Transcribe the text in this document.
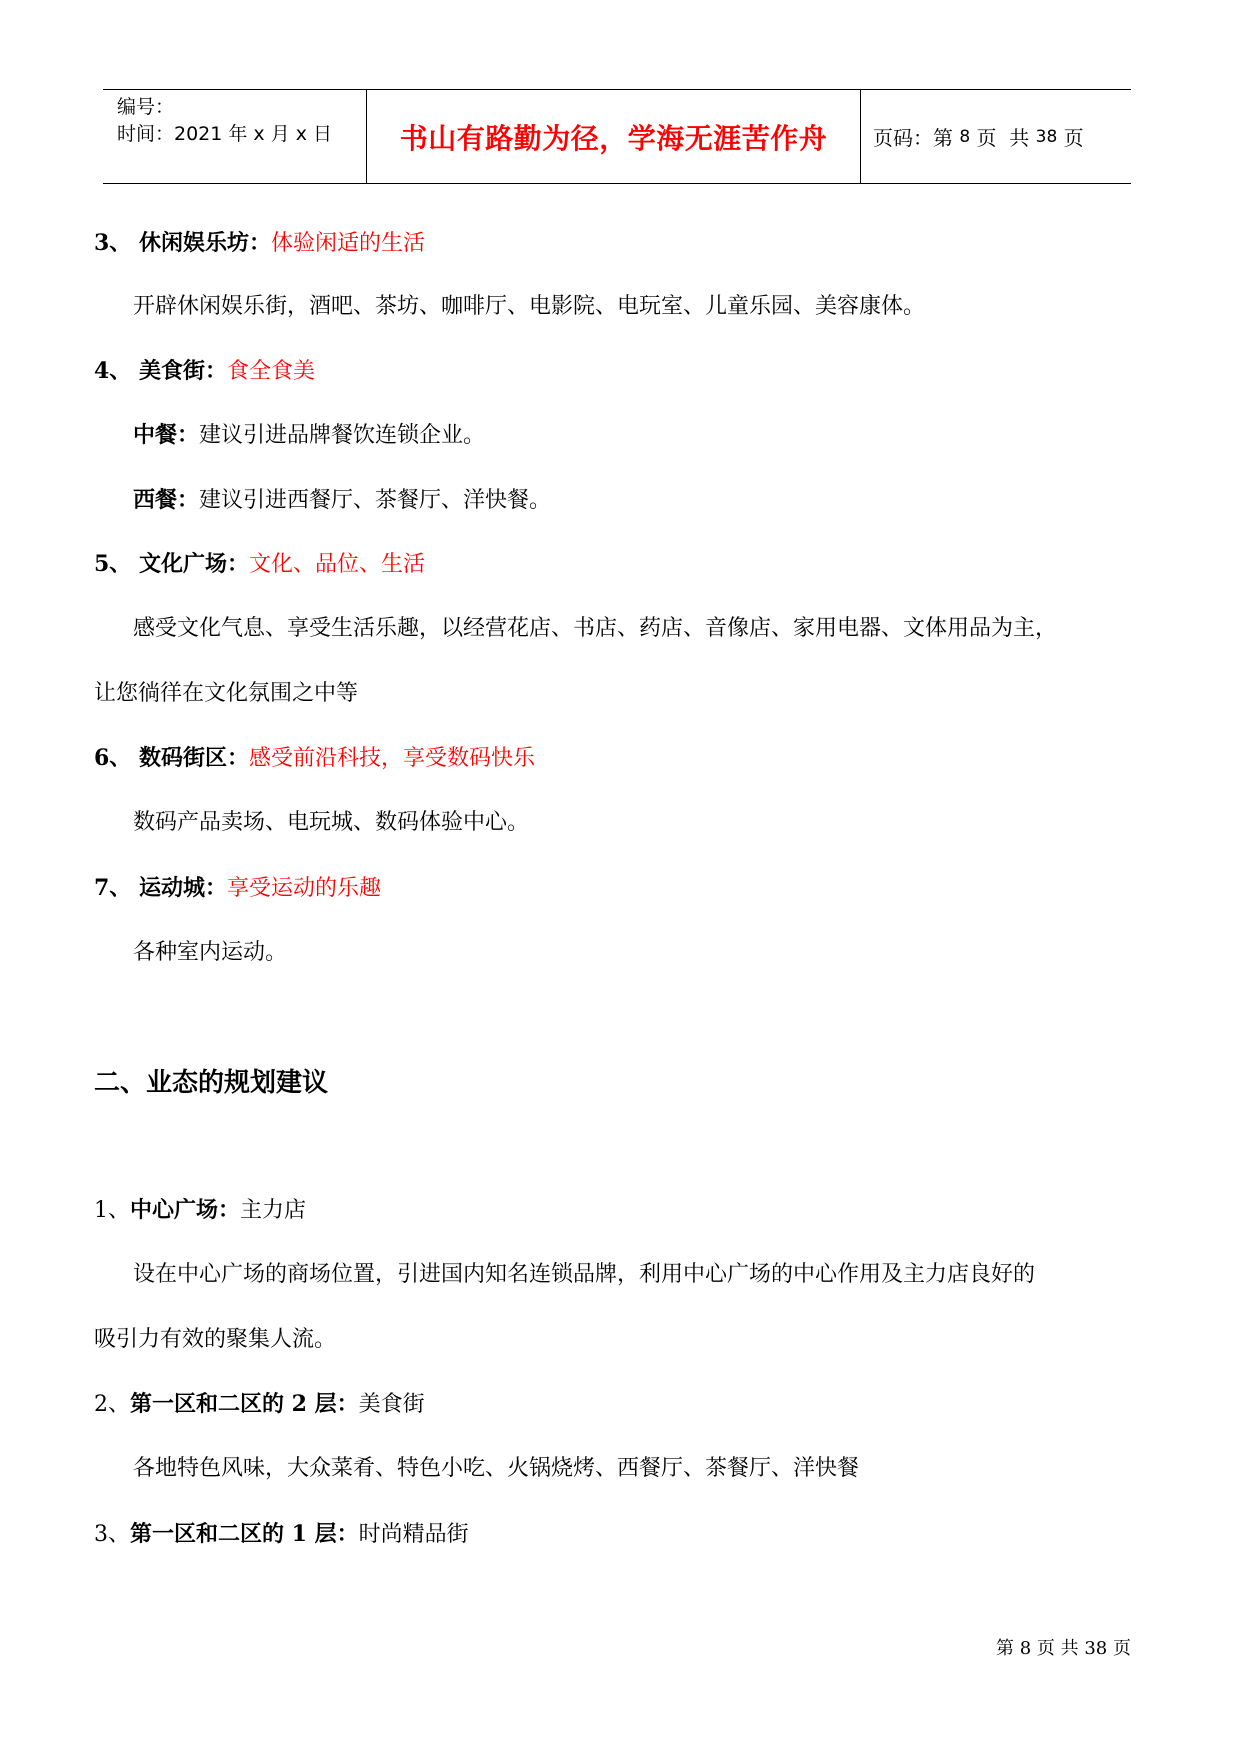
编号：
时间：2021 年 x 月 x 日	书山有路勤为径，学海无涯苦作舟	页码：第 8 页  共 38 页
3、 休闲娱乐坊：体验闲适的生活
开辟休闲娱乐街，酒吧、茶坊、咖啡厅、电影院、电玩室、儿童乐园、美容康体。
4、 美食街：食全食美
中餐：建议引进品牌餐饮连锁企业。
西餐：建议引进西餐厅、茶餐厅、洋快餐。
5、 文化广场：文化、品位、生活
感受文化气息、享受生活乐趣，以经营花店、书店、药店、音像店、家用电器、文体用品为主，
让您徜徉在文化氛围之中等
6、 数码街区：感受前沿科技，享受数码快乐
数码产品卖场、电玩城、数码体验中心。
7、 运动城：享受运动的乐趣
各种室内运动。
二、业态的规划建议
1、中心广场：主力店
设在中心广场的商场位置，引进国内知名连锁品牌，利用中心广场的中心作用及主力店良好的
吸引力有效的聚集人流。
2、第一区和二区的 2 层：美食街
各地特色风味，大众菜肴、特色小吃、火锅烧烤、西餐厅、茶餐厅、洋快餐
3、第一区和二区的 1 层：时尚精品街
第 8 页 共 38 页
